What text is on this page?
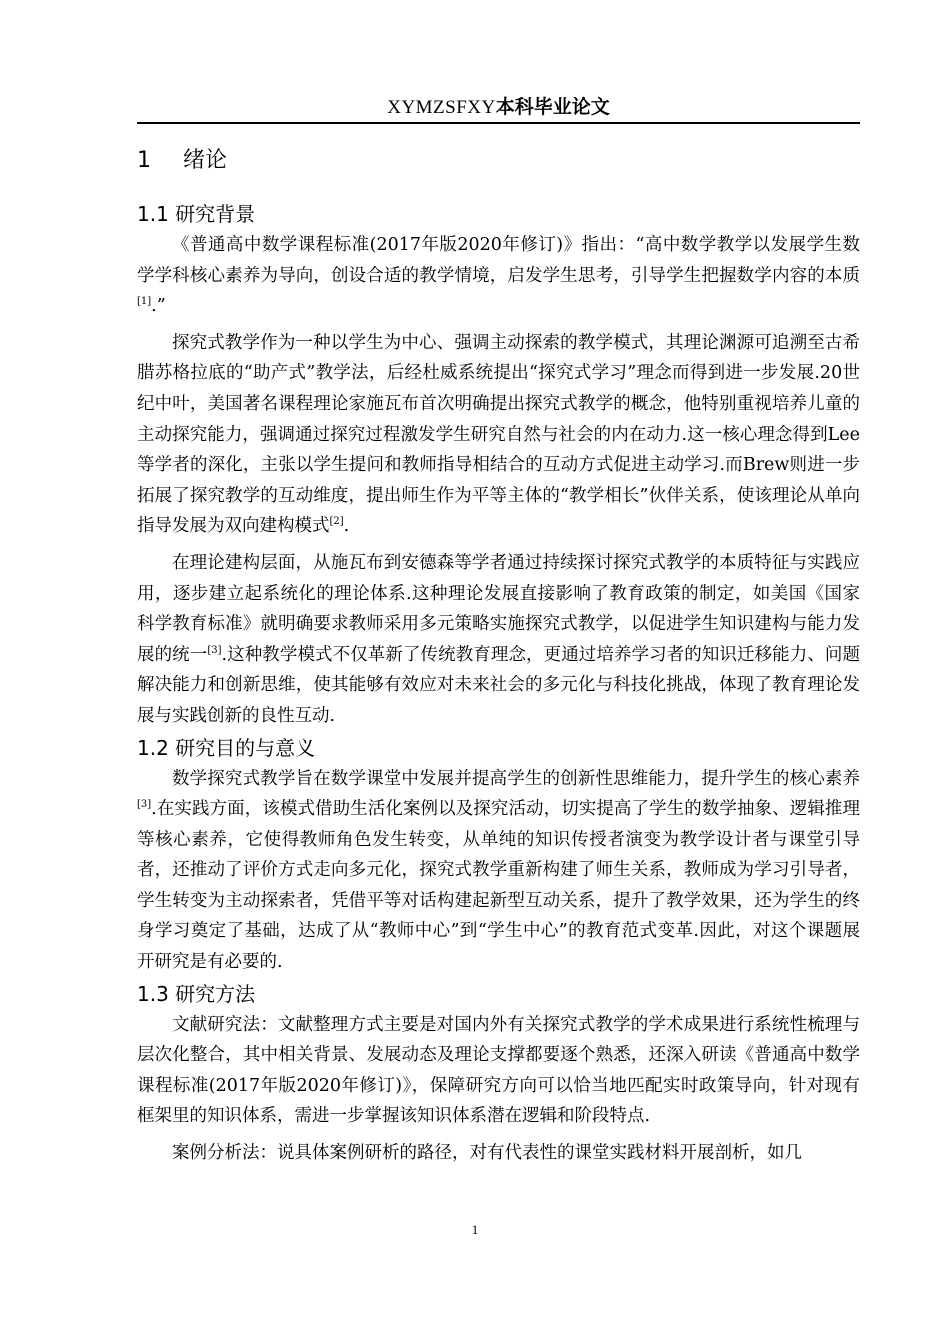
XYMZSFXY本科毕业论文
1 绪论
1.1 研究背景

《普通高中数学课程标准(2017年版2020年修订)》指出：“高中数学教学以发展学生数学学科核心素养为导向，创设合适的教学情境，启发学生思考，引导学生把握数学内容的本质[1].”

探究式教学作为一种以学生为中心、强调主动探索的教学模式，其理论渊源可追溯至古希腊苏格拉底的“助产式”教学法，后经杜威系统提出“探究式学习”理念而得到进一步发展.20世纪中叶，美国著名课程理论家施瓦布首次明确提出探究式教学的概念，他特别重视培养儿童的主动探究能力，强调通过探究过程激发学生研究自然与社会的内在动力.这一核心理念得到Lee等学者的深化，主张以学生提问和教师指导相结合的互动方式促进主动学习.而Brew则进一步拓展了探究教学的互动维度，提出师生作为平等主体的“教学相长”伙伴关系，使该理论从单向指导发展为双向建构模式[2].

在理论建构层面，从施瓦布到安德森等学者通过持续探讨探究式教学的本质特征与实践应用，逐步建立起系统化的理论体系.这种理论发展直接影响了教育政策的制定，如美国《国家科学教育标准》就明确要求教师采用多元策略实施探究式教学，以促进学生知识建构与能力发展的统一[3].这种教学模式不仅革新了传统教育理念，更通过培养学习者的知识迁移能力、问题解决能力和创新思维，使其能够有效应对未来社会的多元化与科技化挑战，体现了教育理论发展与实践创新的良性互动.

1.2 研究目的与意义

数学探究式教学旨在数学课堂中发展并提高学生的创新性思维能力，提升学生的核心素养[3].在实践方面，该模式借助生活化案例以及探究活动，切实提高了学生的数学抽象、逻辑推理等核心素养，它使得教师角色发生转变，从单纯的知识传授者演变为教学设计者与课堂引导者，还推动了评价方式走向多元化，探究式教学重新构建了师生关系，教师成为学习引导者，学生转变为主动探索者，凭借平等对话构建起新型互动关系，提升了教学效果，还为学生的终身学习奠定了基础，达成了从“教师中心”到“学生中心”的教育范式变革.因此，对这个课题展开研究是有必要的.

1.3 研究方法

文献研究法：文献整理方式主要是对国内外有关探究式教学的学术成果进行系统性梳理与层次化整合，其中相关背景、发展动态及理论支撑都要逐个熟悉，还深入研读《普通高中数学课程标准(2017年版2020年修订)》，保障研究方向可以恰当地匹配实时政策导向，针对现有框架里的知识体系，需进一步掌握该知识体系潜在逻辑和阶段特点.

案例分析法：说具体案例研析的路径，对有代表性的课堂实践材料开展剖析，如几

1
